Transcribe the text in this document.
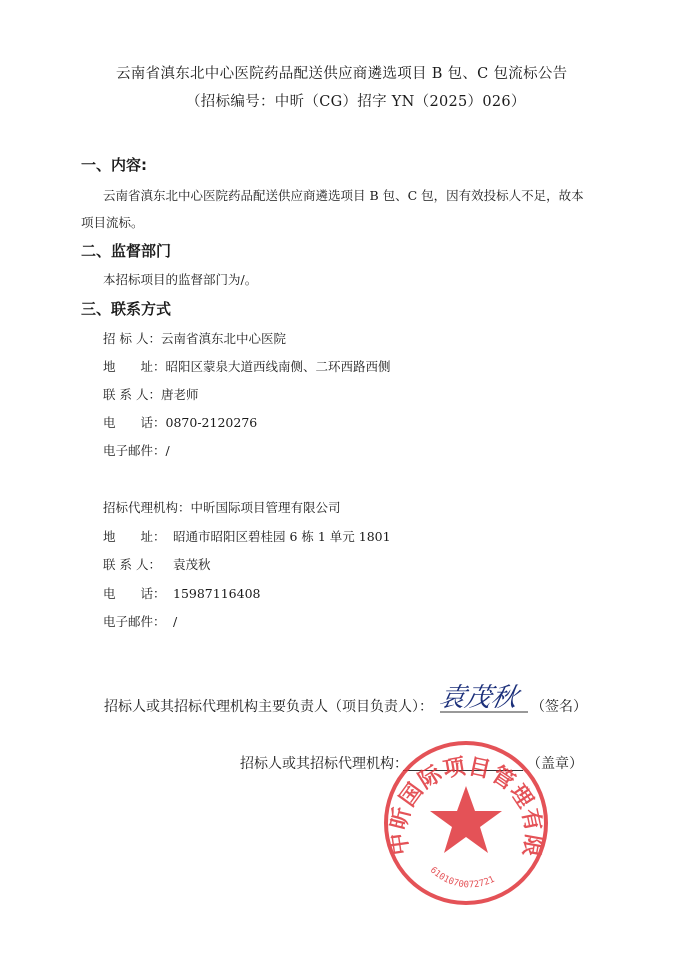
云南省滇东北中心医院药品配送供应商遴选项目 B 包、C 包流标公告
（招标编号：中昕（CG）招字 YN（2025）026）
一、内容:
云南省滇东北中心医院药品配送供应商遴选项目 B 包、C 包，因有效投标人不足，故本
项目流标。
二、监督部门
本招标项目的监督部门为/。
三、联系方式
招 标 人：云南省滇东北中心医院
地　　址：昭阳区蒙泉大道西线南侧、二环西路西侧
联 系 人：唐老师
电　　话：0870-2120276
电子邮件：/
招标代理机构：中昕国际项目管理有限公司
地　　址： 昭通市昭阳区碧桂园 6 栋 1 单元 1801
联 系 人： 袁茂秋
电　　话： 15987116408
电子邮件： /
招标人或其招标代理机构主要负责人（项目负责人）： 袁茂秋 （签名）
招标人或其招标代理机构：	（盖章）
中昕国际项目管理有限
6101070072721
